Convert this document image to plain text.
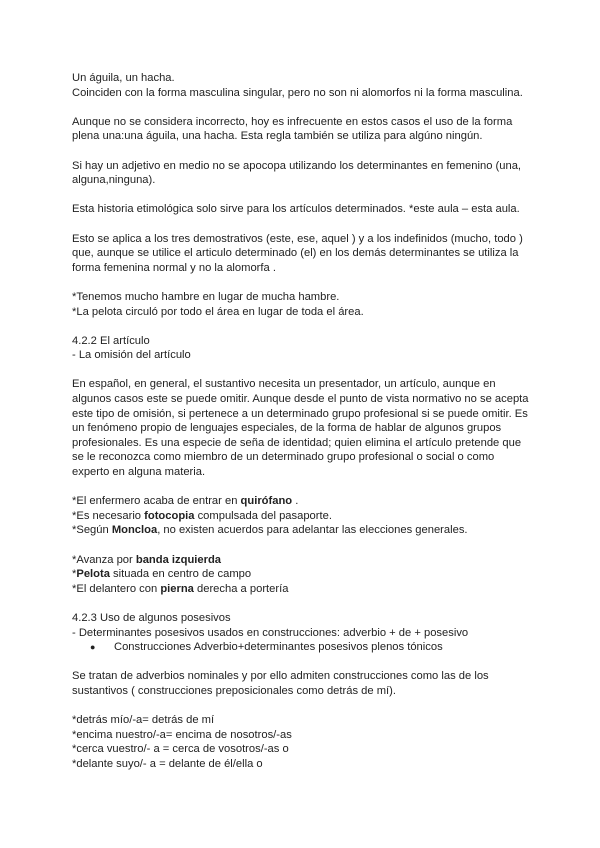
Un águila, un hacha.

Coinciden con la forma masculina singular, pero no son ni alomorfos ni la forma masculina.

Aunque no se considera incorrecto, hoy es infrecuente en estos casos el uso de la forma plena una:una águila, una hacha. Esta regla también se utiliza para algúno ningún.

Si hay un adjetivo en medio no se apocopa utilizando los determinantes en femenino (una, alguna,ninguna).

Esta historia etimológica solo sirve para los artículos determinados. *este aula – esta aula.

Esto se aplica a los tres demostrativos (este, ese, aquel ) y a los indefinidos (mucho, todo ) que, aunque se utilice el articulo determinado (el) en los demás determinantes se utiliza la forma femenina normal y no la alomorfa .

*Tenemos mucho hambre en lugar de mucha hambre.

*La pelota circuló por todo el área en lugar de toda el área.

4.2.2 El artículo

- La omisión del artículo

En español, en general, el sustantivo necesita un presentador, un artículo, aunque en algunos casos este se puede omitir. Aunque desde el punto de vista normativo no se acepta este tipo de omisión, si pertenece a un determinado grupo profesional si se puede omitir. Es un fenómeno propio de lenguajes especiales, de la forma de hablar de algunos grupos profesionales. Es una especie de seña de identidad; quien elimina el artículo pretende que se le reconozca como miembro de un determinado grupo profesional o social o como experto en alguna materia.

*El enfermero acaba de entrar en quirófano .

*Es necesario fotocopia compulsada del pasaporte.

*Según Moncloa, no existen acuerdos para adelantar las elecciones generales.

*Avanza por banda izquierda

*Pelota situada en centro de campo

*El delantero con pierna derecha a portería

4.2.3 Uso de algunos posesivos

- Determinantes posesivos usados en construcciones: adverbio + de + posesivo

●	Construcciones Adverbio+determinantes posesivos plenos tónicos

Se tratan de adverbios nominales y por ello admiten construcciones como las de los sustantivos ( construcciones preposicionales como detrás de mí).

*detrás mío/-a= detrás de mí

*encima nuestro/-a= encima de nosotros/-as

*cerca vuestro/- a = cerca de vosotros/-as o

*delante suyo/- a = delante de él/ella o
